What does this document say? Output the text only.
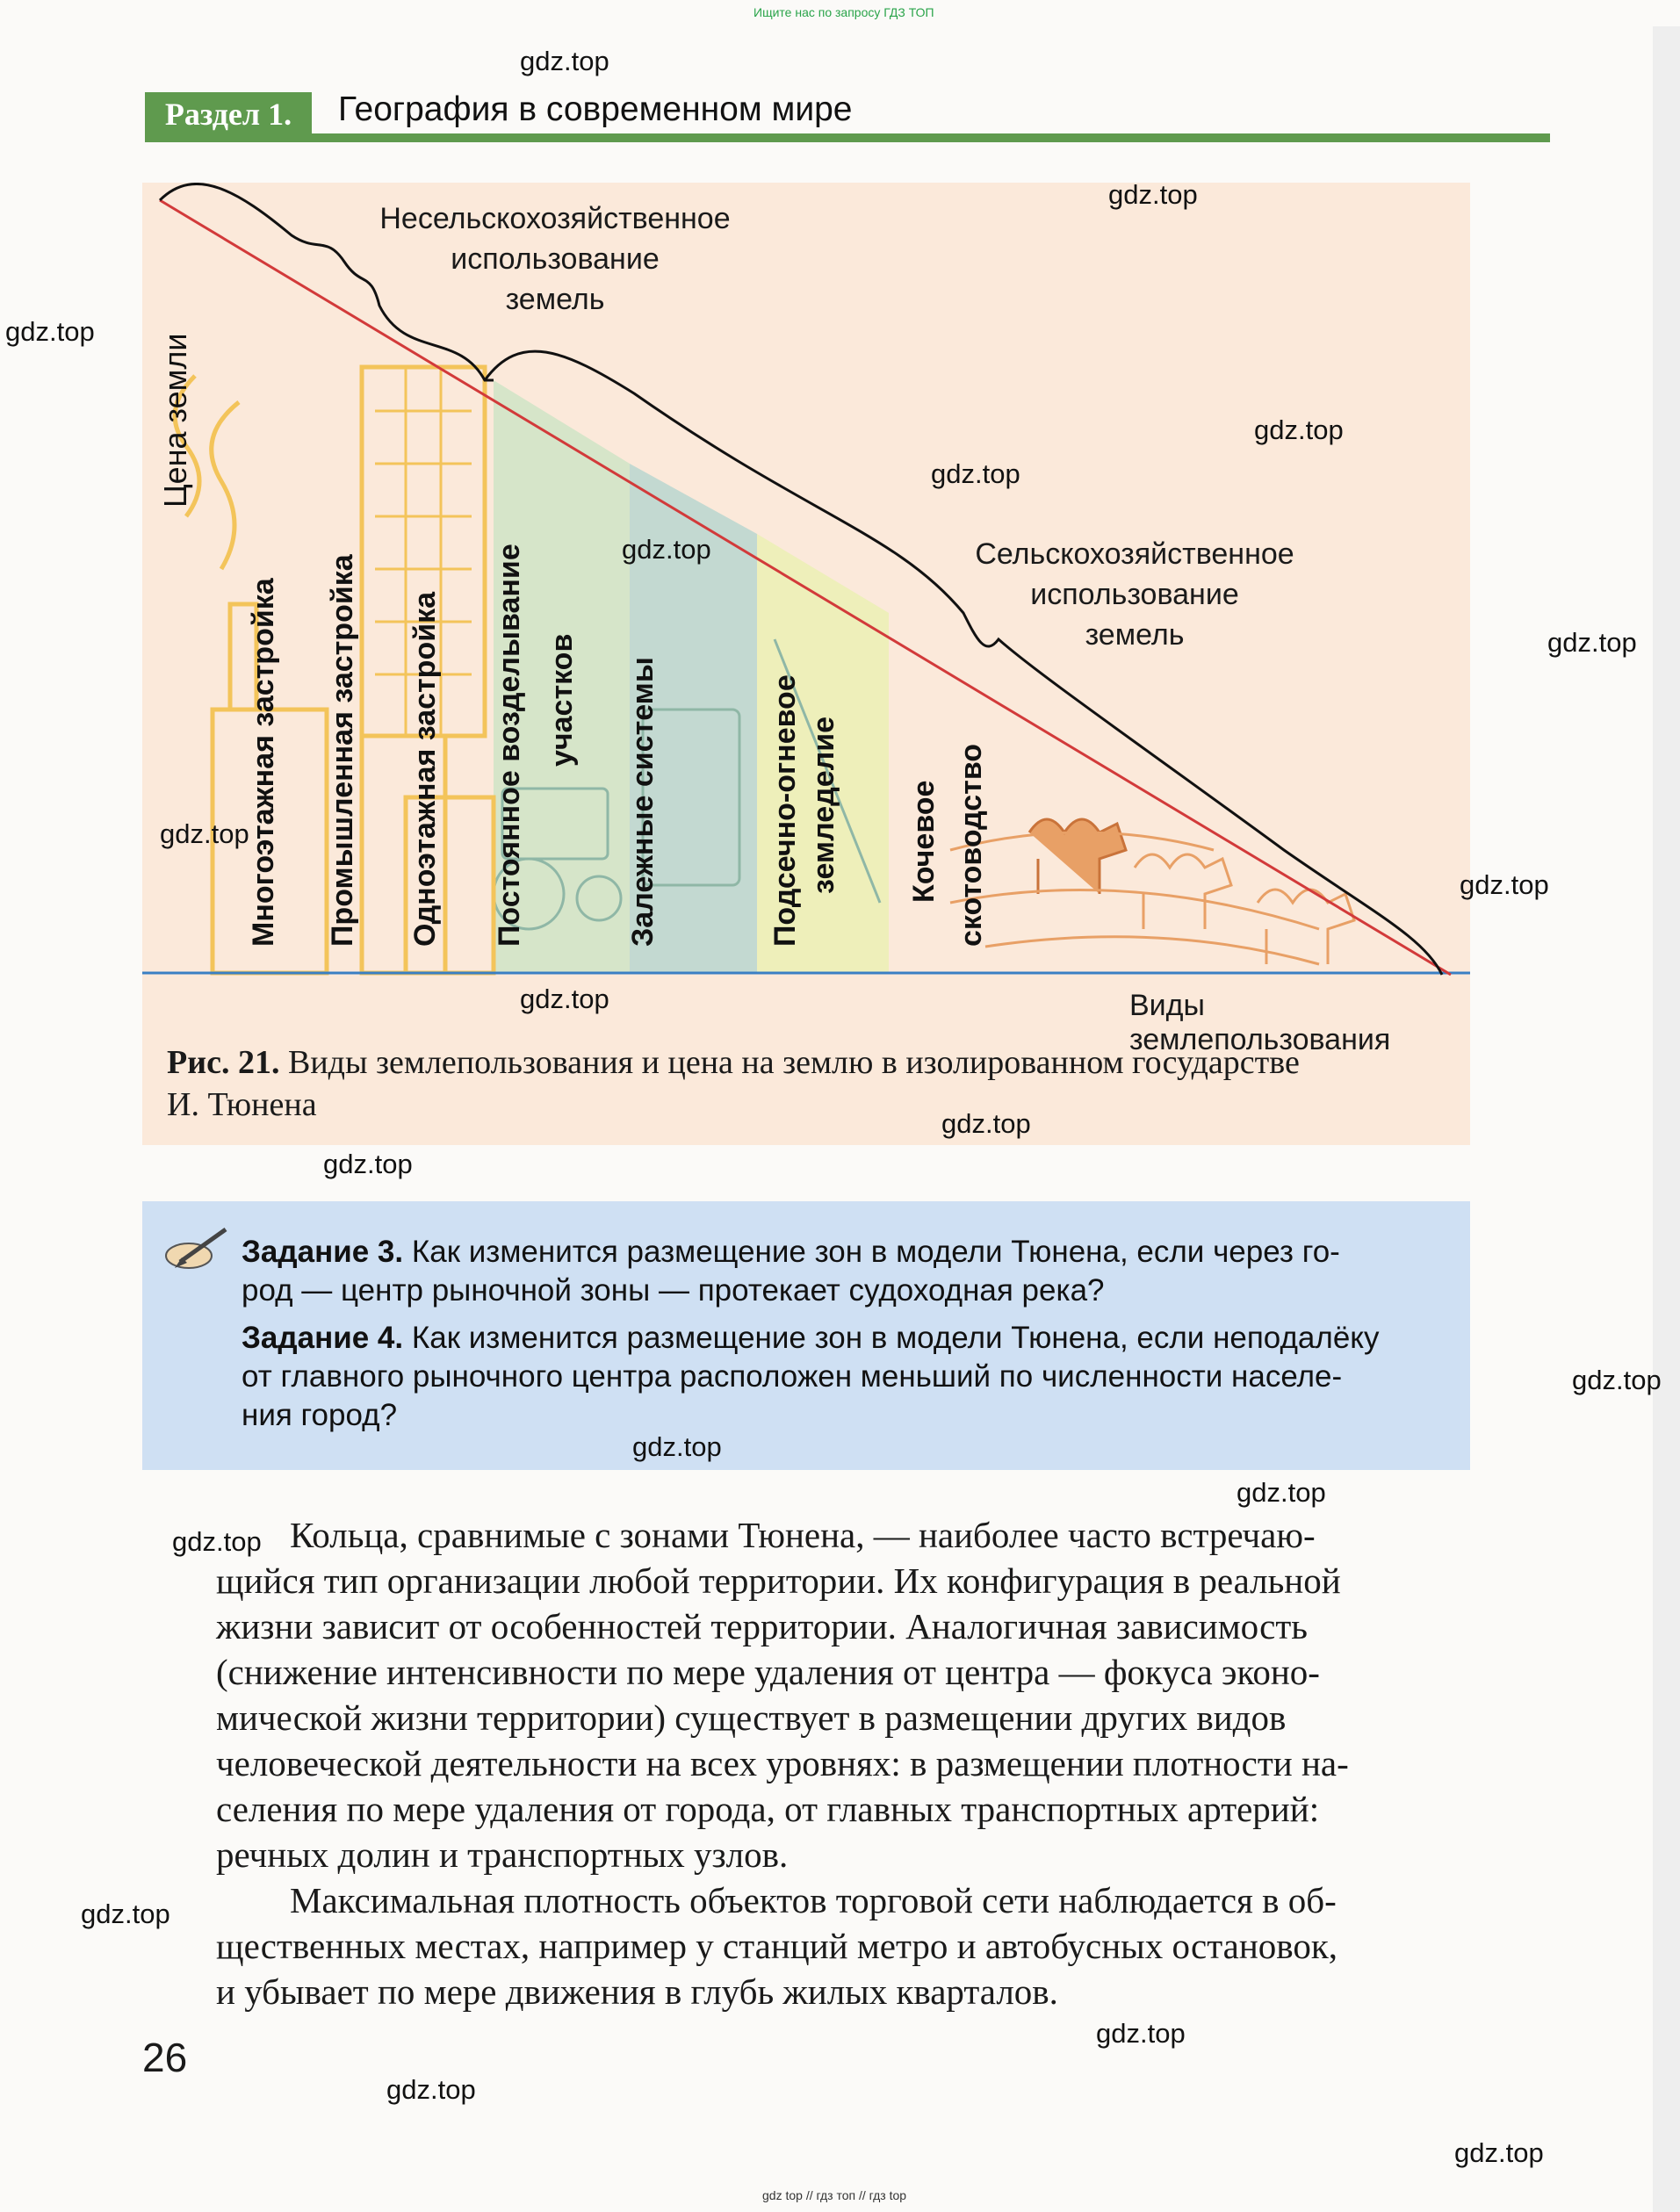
Ищите нас по запросу ГДЗ ТОП
Раздел 1.	География в современном мире
Несельскохозяйственное
использование
земель
Сельскохозяйственное
использование
земель
Виды землепользования
Цена земли
Многоэтажная застройка Промышленная застройка Одноэтажная застройка Постоянное возделывание участков Залежные системы	Подсечно-огневое земледелие Кочевое скотоводство
Рис. 21. Виды землепользования и цена на землю в изолированном государстве
И. Тюнена
Задание 3. Как изменится размещение зон в модели Тюнена, если через го-
род — центр рыночной зоны — протекает судоходная река?
Задание 4. Как изменится размещение зон в модели Тюнена, если неподалёку
от главного рыночного центра расположен меньший по численности населе-
ния город?
Кольца, сравнимые с зонами Тюнена, — наиболее часто встречаю-
щийся тип организации любой территории. Их конфигурация в реальной
жизни зависит от особенностей территории. Аналогичная зависимость
(снижение интенсивности по мере удаления от центра — фокуса эконо-
мической жизни территории) существует в размещении других видов
человеческой деятельности на всех уровнях: в размещении плотности на-
селения по мере удаления от города, от главных транспортных артерий:
речных долин и транспортных узлов.
Максимальная плотность объектов торговой сети наблюдается в об-
щественных местах, например у станций метро и автобусных остановок,
и убывает по мере движения в глубь жилых кварталов.
26
gdz.top
gdz.top
gdz.top
gdz.top
gdz.top
gdz.top
gdz.top
gdz.top
gdz.top
gdz.top
gdz.top
gdz.top
gdz.top
gdz.top
gdz.top
gdz.top
gdz.top
gdz.top
gdz.top
gdz.top
gdz top // гдз топ // гдз top
